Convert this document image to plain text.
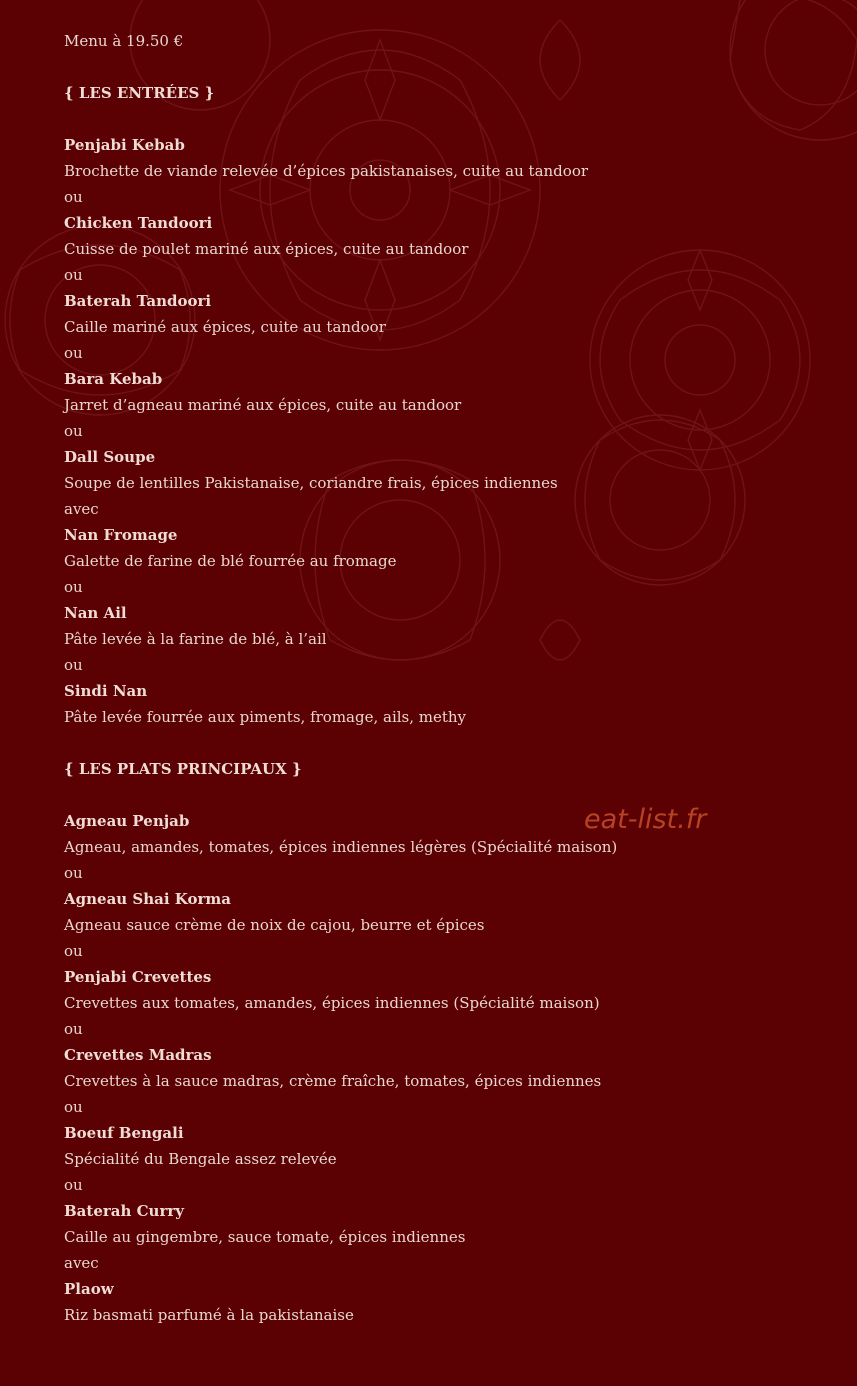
Menu à 19.50 €
{ LES ENTRÉES }
Penjabi Kebab
Brochette de viande relevée d’épices pakistanaises, cuite au tandoor
ou
Chicken Tandoori
Cuisse de poulet mariné aux épices, cuite au tandoor
ou
Baterah Tandoori
Caille mariné aux épices, cuite au tandoor
ou
Bara Kebab
Jarret d’agneau mariné aux épices, cuite au tandoor
ou
Dall Soupe
Soupe de lentilles Pakistanaise, coriandre frais, épices indiennes
avec
Nan Fromage
Galette de farine de blé fourrée au fromage
ou
Nan Ail
Pâte levée à la farine de blé, à l’ail
ou
Sindi Nan
Pâte levée fourrée aux piments, fromage, ails, methy
{ LES PLATS PRINCIPAUX }
Agneau Penjab
Agneau, amandes, tomates, épices indiennes légères (Spécialité maison)
ou
Agneau Shai Korma
Agneau sauce crème de noix de cajou, beurre et épices
ou
Penjabi Crevettes
Crevettes aux tomates, amandes, épices indiennes (Spécialité maison)
ou
Crevettes Madras
Crevettes à la sauce madras, crème fraîche, tomates, épices indiennes
ou
Boeuf Bengali
Spécialité du Bengale assez relevée
ou
Baterah Curry
Caille au gingembre, sauce tomate, épices indiennes
avec
Plaow
Riz basmati parfumé à la pakistanaise
eat-list.fr
